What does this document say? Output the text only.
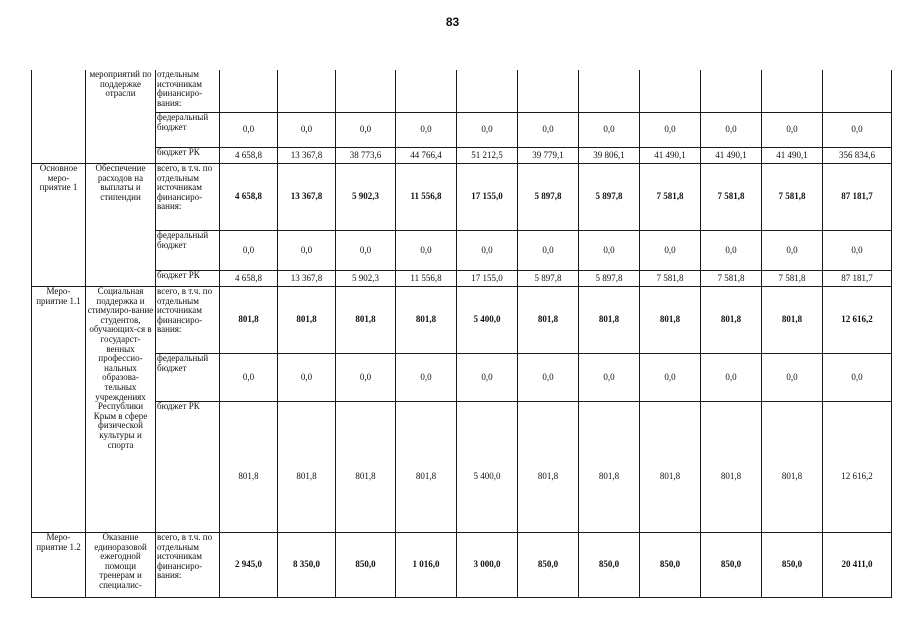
83
	мероприятий по поддержке отрасли	отдельным источникам финансиро-вания:											
		федеральный бюджет	0,0	0,0	0,0	0,0	0,0	0,0	0,0	0,0	0,0	0,0	0,0
		бюджет РК	4 658,8	13 367,8	38 773,6	44 766,4	51 212,5	39 779,1	39 806,1	41 490,1	41 490,1	41 490,1	356 834,6
Основное меро-приятие 1	Обеспечение расходов на выплаты и стипендии	всего, в т.ч. по отдельным источникам финансиро-вания:	4 658,8	13 367,8	5 902,3	11 556,8	17 155,0	5 897,8	5 897,8	7 581,8	7 581,8	7 581,8	87 181,7
		федеральный бюджет	0,0	0,0	0,0	0,0	0,0	0,0	0,0	0,0	0,0	0,0	0,0
		бюджет РК	4 658,8	13 367,8	5 902,3	11 556,8	17 155,0	5 897,8	5 897,8	7 581,8	7 581,8	7 581,8	87 181,7
Меро-приятие 1.1	Социальная поддержка и стимулиро-вание студентов, обучающих-ся в государст-венных профессио-нальных образова-тельных учреждениях Республики Крым в сфере физической культуры и спорта	всего, в т.ч. по отдельным источникам финансиро-вания:	801,8	801,8	801,8	801,8	5 400,0	801,8	801,8	801,8	801,8	801,8	12 616,2
		федеральный бюджет	0,0	0,0	0,0	0,0	0,0	0,0	0,0	0,0	0,0	0,0	0,0
		бюджет РК	801,8	801,8	801,8	801,8	5 400,0	801,8	801,8	801,8	801,8	801,8	12 616,2
Меро-приятие 1.2	Оказание единоразовой ежегодной помощи тренерам и специалис-	всего, в т.ч. по отдельным источникам финансиро-вания:	2 945,0	8 350,0	850,0	1 016,0	3 000,0	850,0	850,0	850,0	850,0	850,0	20 411,0
